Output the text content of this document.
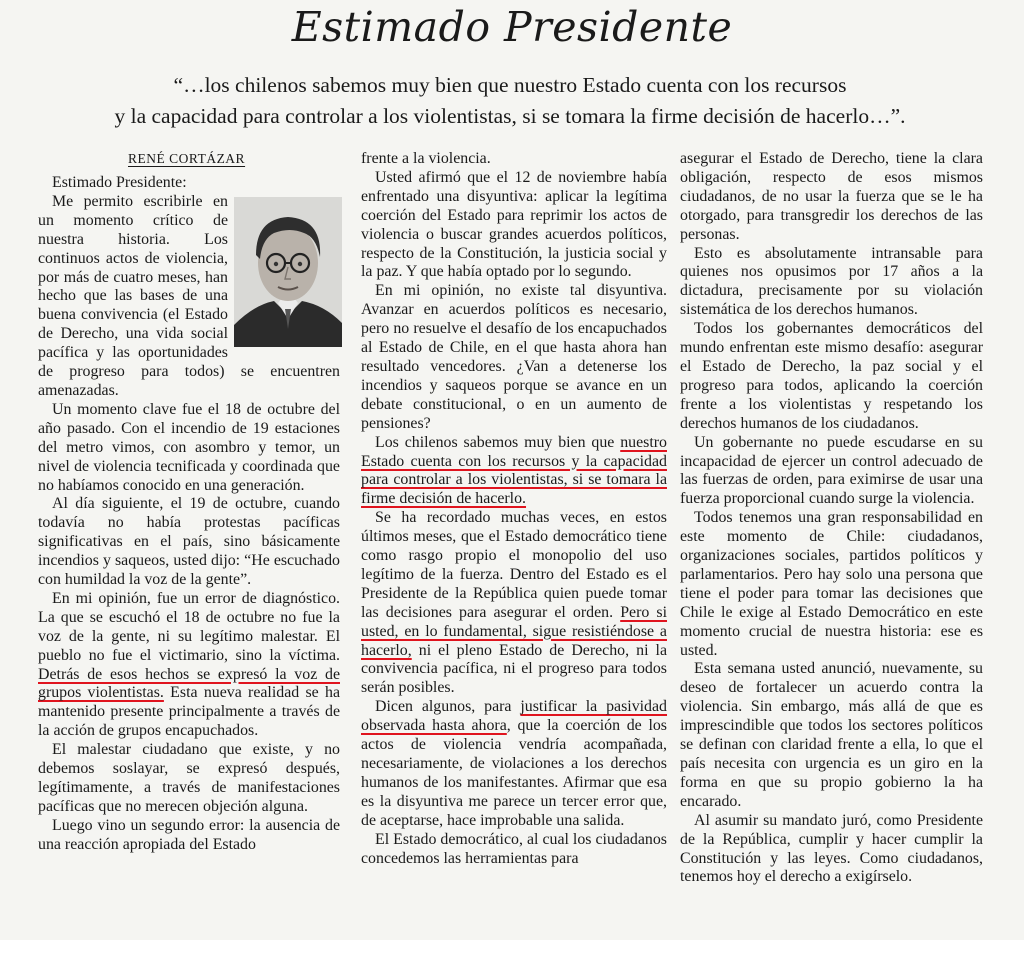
Estimado Presidente
“…los chilenos sabemos muy bien que nuestro Estado cuenta con los recursos
y la capacidad para controlar a los violentistas, si se tomara la firme decisión de hacerlo…”.
RENÉ CORTÁZAR

Estimado Presidente:

Me permito escribirle en un momento crítico de nuestra historia. Los continuos actos de violencia, por más de cuatro meses, han hecho que las bases de una buena convivencia (el Estado de Derecho, una vida social pacífica y las oportunidades de progreso para todos) se encuentren amenazadas.

Un momento clave fue el 18 de octubre del año pasado. Con el incendio de 19 estaciones del metro vimos, con asombro y temor, un nivel de violencia tecnificada y coordinada que no habíamos conocido en una generación.

Al día siguiente, el 19 de octubre, cuando todavía no había protestas pacíficas significativas en el país, sino básicamente incendios y saqueos, usted dijo: “He escuchado con humildad la voz de la gente”.

En mi opinión, fue un error de diagnóstico. La que se escuchó el 18 de octubre no fue la voz de la gente, ni su legítimo malestar. El pueblo no fue el victimario, sino la víctima. Detrás de esos hechos se expresó la voz de grupos violentistas. Esta nueva realidad se ha mantenido presente principalmente a través de la acción de grupos encapuchados.

El malestar ciudadano que existe, y no debemos soslayar, se expresó después, legítimamente, a través de manifestaciones pacíficas que no merecen objeción alguna.

Luego vino un segundo error: la ausencia de una reacción apropiada del Estado

frente a la violencia.

Usted afirmó que el 12 de noviembre había enfrentado una disyuntiva: aplicar la legítima coerción del Estado para reprimir los actos de violencia o buscar grandes acuerdos políticos, respecto de la Constitución, la justicia social y la paz. Y que había optado por lo segundo.

En mi opinión, no existe tal disyuntiva. Avanzar en acuerdos políticos es necesario, pero no resuelve el desafío de los encapuchados al Estado de Chile, en el que hasta ahora han resultado vencedores. ¿Van a detenerse los incendios y saqueos porque se avance en un debate constitucional, o en un aumento de pensiones?

Los chilenos sabemos muy bien que nuestro Estado cuenta con los recursos y la capacidad para controlar a los violentistas, si se tomara la firme decisión de hacerlo.

Se ha recordado muchas veces, en estos últimos meses, que el Estado democrático tiene como rasgo propio el monopolio del uso legítimo de la fuerza. Dentro del Estado es el Presidente de la República quien puede tomar las decisiones para asegurar el orden. Pero si usted, en lo fundamental, sigue resistiéndose a hacerlo, ni el pleno Estado de Derecho, ni la convivencia pacífica, ni el progreso para todos serán posibles.

Dicen algunos, para justificar la pasividad observada hasta ahora, que la coerción de los actos de violencia vendría acompañada, necesariamente, de violaciones a los derechos humanos de los manifestantes. Afirmar que esa es la disyuntiva me parece un tercer error que, de aceptarse, hace improbable una salida.

El Estado democrático, al cual los ciudadanos concedemos las herramientas para

asegurar el Estado de Derecho, tiene la clara obligación, respecto de esos mismos ciudadanos, de no usar la fuerza que se le ha otorgado, para transgredir los derechos de las personas.

Esto es absolutamente intransable para quienes nos opusimos por 17 años a la dictadura, precisamente por su violación sistemática de los derechos humanos.

Todos los gobernantes democráticos del mundo enfrentan este mismo desafío: asegurar el Estado de Derecho, la paz social y el progreso para todos, aplicando la coerción frente a los violentistas y respetando los derechos humanos de los ciudadanos.

Un gobernante no puede escudarse en su incapacidad de ejercer un control adecuado de las fuerzas de orden, para eximirse de usar una fuerza proporcional cuando surge la violencia.

Todos tenemos una gran responsabilidad en este momento de Chile: ciudadanos, organizaciones sociales, partidos políticos y parlamentarios. Pero hay solo una persona que tiene el poder para tomar las decisiones que Chile le exige al Estado Democrático en este momento crucial de nuestra historia: ese es usted.

Esta semana usted anunció, nuevamente, su deseo de fortalecer un acuerdo contra la violencia. Sin embargo, más allá de que es imprescindible que todos los sectores políticos se definan con claridad frente a ella, lo que el país necesita con urgencia es un giro en la forma en que su propio gobierno la ha encarado.

Al asumir su mandato juró, como Presidente de la República, cumplir y hacer cumplir la Constitución y las leyes. Como ciudadanos, tenemos hoy el derecho a exigírselo.
